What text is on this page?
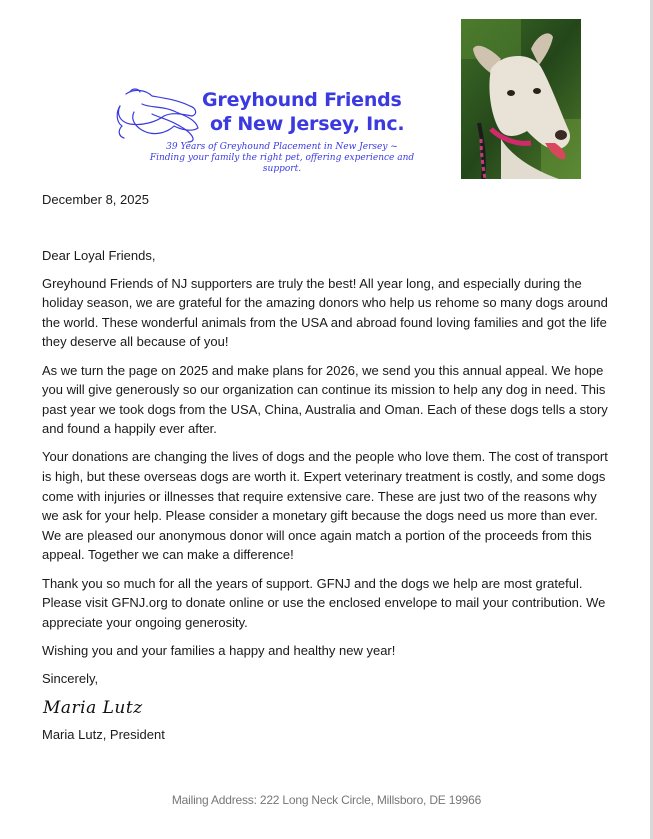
Greyhound Friends
of New Jersey, Inc.
39 Years of Greyhound Placement in New Jersey ~
Finding your family the right pet, offering experience and support.

December 8, 2025

Dear Loyal Friends,

Greyhound Friends of NJ supporters are truly the best! All year long, and especially during the holiday season, we are grateful for the amazing donors who help us rehome so many dogs around the world. These wonderful animals from the USA and abroad found loving families and got the life they deserve all because of you!

As we turn the page on 2025 and make plans for 2026, we send you this annual appeal. We hope you will give generously so our organization can continue its mission to help any dog in need. This past year we took dogs from the USA, China, Australia and Oman. Each of these dogs tells a story and found a happily ever after.

Your donations are changing the lives of dogs and the people who love them. The cost of transport is high, but these overseas dogs are worth it. Expert veterinary treatment is costly, and some dogs come with injuries or illnesses that require extensive care. These are just two of the reasons why we ask for your help. Please consider a monetary gift because the dogs need us more than ever. We are pleased our anonymous donor will once again match a portion of the proceeds from this appeal. Together we can make a difference!

Thank you so much for all the years of support. GFNJ and the dogs we help are most grateful. Please visit GFNJ.org to donate online or use the enclosed envelope to mail your contribution. We appreciate your ongoing generosity.

Wishing you and your families a happy and healthy new year!

Sincerely,

Maria Lutz

Maria Lutz, President

Mailing Address: 222 Long Neck Circle, Millsboro, DE 19966
